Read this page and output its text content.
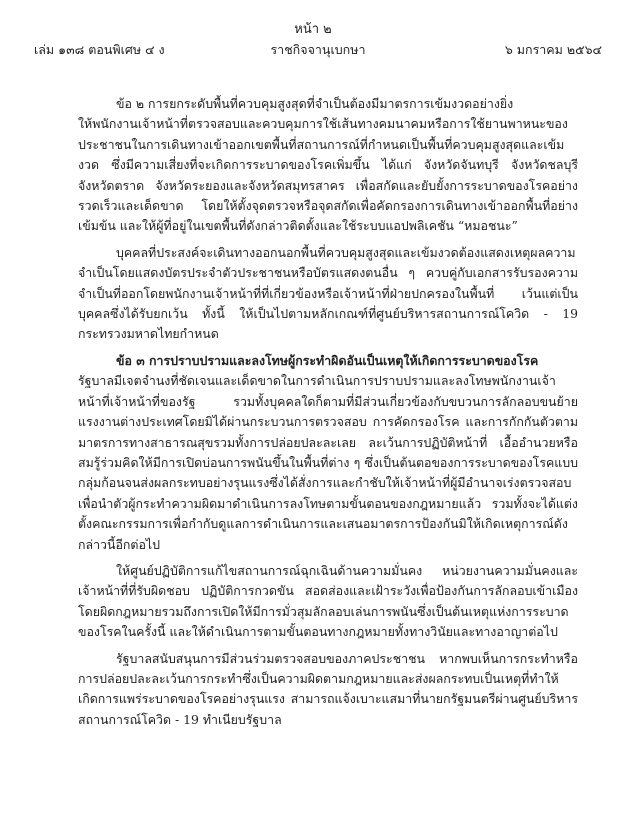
หน้า ๒
เล่ม ๑๓๘ ตอนพิเศษ ๔ ง	ราชกิจจานุเบกษา	๖ มกราคม ๒๕๖๔

ข้อ ๒ การยกระดับพื้นที่ควบคุมสูงสุดที่จำเป็นต้องมีมาตรการเข้มงวดอย่างยิ่ง

ให้พนักงานเจ้าหน้าที่ตรวจสอบและควบคุมการใช้เส้นทางคมนาคมหรือการใช้ยานพาหนะของประชาชนในการเดินทางเข้าออกเขตพื้นที่สถานการณ์ที่กำหนดเป็นพื้นที่ควบคุมสูงสุดและเข้มงวด ซึ่งมีความเสี่ยงที่จะเกิดการระบาดของโรคเพิ่มขึ้น ได้แก่ จังหวัดจันทบุรี จังหวัดชลบุรี จังหวัดตราด จังหวัดระยองและจังหวัดสมุทรสาคร เพื่อสกัดและยับยั้งการระบาดของโรคอย่างรวดเร็วและเด็ดขาด โดยให้ตั้งจุดตรวจหรือจุดสกัดเพื่อคัดกรองการเดินทางเข้าออกพื้นที่อย่างเข้มข้น และให้ผู้ที่อยู่ในเขตพื้นที่ดังกล่าวติดตั้งและใช้ระบบแอปพลิเคชัน “หมอชนะ”

บุคคลที่ประสงค์จะเดินทางออกนอกพื้นที่ควบคุมสูงสุดและเข้มงวดต้องแสดงเหตุผลความจำเป็นโดยแสดงบัตรประจำตัวประชาชนหรือบัตรแสดงตนอื่น ๆ ควบคู่กับเอกสารรับรองความจำเป็นที่ออกโดยพนักงานเจ้าหน้าที่ที่เกี่ยวข้องหรือเจ้าหน้าที่ฝ่ายปกครองในพื้นที่ เว้นแต่เป็นบุคคลซึ่งได้รับยกเว้น ทั้งนี้ ให้เป็นไปตามหลักเกณฑ์ที่ศูนย์บริหารสถานการณ์โควิด - 19 กระทรวงมหาดไทยกำหนด

ข้อ ๓ การปราบปรามและลงโทษผู้กระทำผิดอันเป็นเหตุให้เกิดการระบาดของโรค

รัฐบาลมีเจตจำนงที่ชัดเจนและเด็ดขาดในการดำเนินการปราบปรามและลงโทษพนักงานเจ้าหน้าที่เจ้าหน้าที่ของรัฐ รวมทั้งบุคคลใดก็ตามที่มีส่วนเกี่ยวข้องกับขบวนการลักลอบขนย้ายแรงงานต่างประเทศโดยมิได้ผ่านกระบวนการตรวจสอบ การคัดกรองโรค และการกักกันตัวตามมาตรการทางสาธารณสุขรวมทั้งการปล่อยปละละเลย ละเว้นการปฏิบัติหน้าที่ เอื้ออำนวยหรือสมรู้ร่วมคิดให้มีการเปิดบ่อนการพนันขึ้นในพื้นที่ต่าง ๆ ซึ่งเป็นต้นตอของการระบาดของโรคแบบกลุ่มก้อนจนส่งผลกระทบอย่างรุนแรงซึ่งได้สั่งการและกำชับให้เจ้าหน้าที่ผู้มีอำนาจเร่งตรวจสอบเพื่อนำตัวผู้กระทำความผิดมาดำเนินการลงโทษตามขั้นตอนของกฎหมายแล้ว รวมทั้งจะได้แต่งตั้งคณะกรรมการเพื่อกำกับดูแลการดำเนินการและเสนอมาตรการป้องกันมิให้เกิดเหตุการณ์ดังกล่าวนี้อีกต่อไป

ให้ศูนย์ปฏิบัติการแก้ไขสถานการณ์ฉุกเฉินด้านความมั่นคง หน่วยงานความมั่นคงและเจ้าหน้าที่ที่รับผิดชอบ ปฏิบัติการกวดขัน สอดส่องและเฝ้าระวังเพื่อป้องกันการลักลอบเข้าเมืองโดยผิดกฎหมายรวมถึงการเปิดให้มีการมั่วสุมลักลอบเล่นการพนันซึ่งเป็นต้นเหตุแห่งการระบาดของโรคในครั้งนี้ และให้ดำเนินการตามขั้นตอนทางกฎหมายทั้งทางวินัยและทางอาญาต่อไป

รัฐบาลสนับสนุนการมีส่วนร่วมตรวจสอบของภาคประชาชน หากพบเห็นการกระทำหรือการปล่อยปละละเว้นการกระทำซึ่งเป็นความผิดตามกฎหมายและส่งผลกระทบเป็นเหตุที่ทำให้เกิดการแพร่ระบาดของโรคอย่างรุนแรง สามารถแจ้งเบาะแสมาที่นายกรัฐมนตรีผ่านศูนย์บริหารสถานการณ์โควิด - 19 ทำเนียบรัฐบาล
